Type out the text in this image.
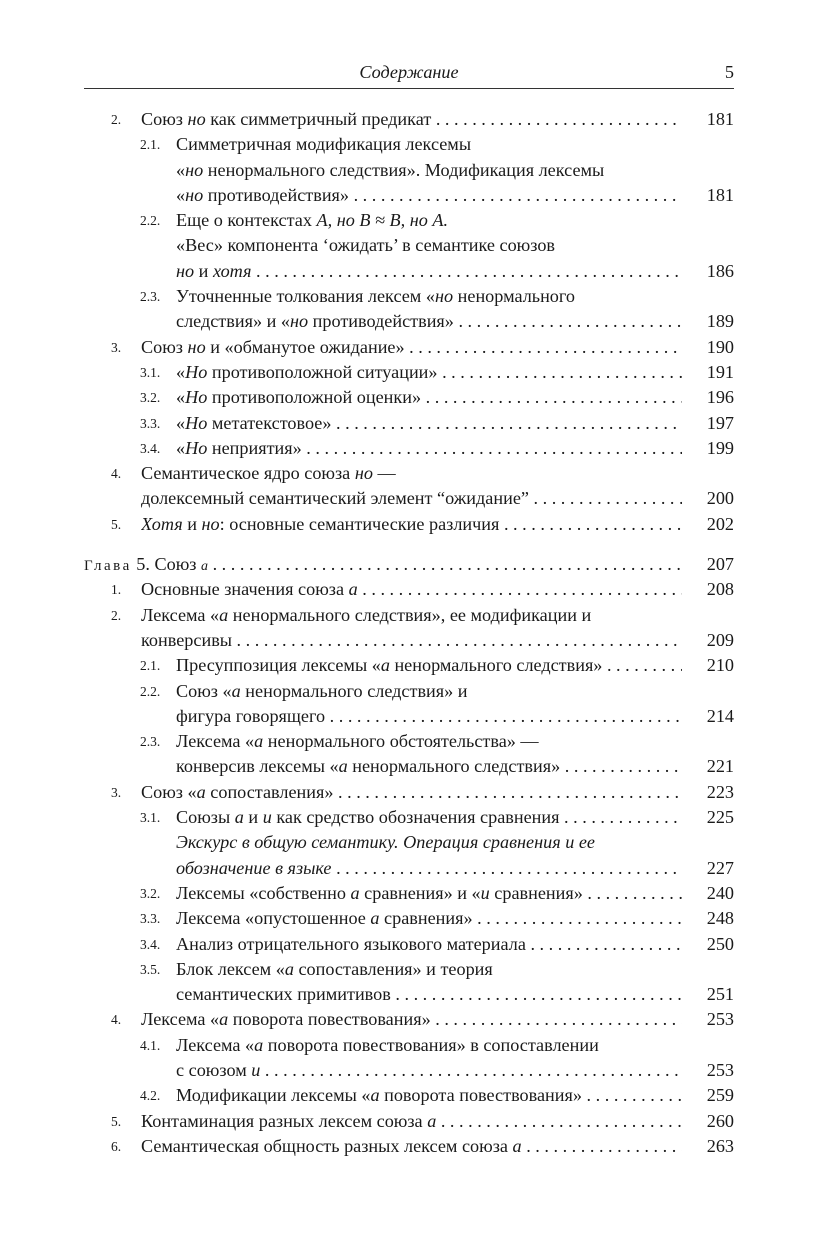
Содержание	5
2. Союз но как симметричный предикат . . .	181
2.1. Симметричная модификация лексемы
«но ненормального следствия». Модификация лексемы
«но противодействия» . . .	181
2.2. Еще о контекстах А, но В ≈ В, но А.
«Вес» компонента ‘ожидать’ в семантике союзов
но и хотя . . .	186
2.3. Уточненные толкования лексем «но ненормального
следствия» и «но противодействия» . . .	189
3. Союз но и «обманутое ожидание» . . .	190
3.1. «Но противоположной ситуации» . . .	191
3.2. «Но противоположной оценки» . . .	196
3.3. «Но метатекстовое» . . .	197
3.4. «Но неприятия» . . .	199
4. Семантическое ядро союза но —
долексемный семантический элемент “ожидание” . . .	200
5. Хотя и но: основные семантические различия . . .	202
Глава 5. Союз а . . .	207
1. Основные значения союза а . . .	208
2. Лексема «а ненормального следствия», ее модификации и
конверсивы . . .	209
2.1. Пресуппозиция лексемы «а ненормального следствия» . . .	210
2.2. Союз «а ненормального следствия» и
фигура говорящего . . .	214
2.3. Лексема «а ненормального обстоятельства» —
конверсив лексемы «а ненормального следствия» . . .	221
3. Союз «а сопоставления» . . .	223
3.1. Союзы а и и как средство обозначения сравнения . . .	225
Экскурс в общую семантику. Операция сравнения и ее
обозначение в языке . . .	227
3.2. Лексемы «собственно а сравнения» и «и сравнения» . . .	240
3.3. Лексема «опустошенное а сравнения» . . .	248
3.4. Анализ отрицательного языкового материала . . .	250
3.5. Блок лексем «а сопоставления» и теория
семантических примитивов . . .	251
4. Лексема «а поворота повествования» . . .	253
4.1. Лексема «а поворота повествования» в сопоставлении
с союзом и . . .	253
4.2. Модификации лексемы «а поворота повествования» . . .	259
5. Контаминация разных лексем союза а . . .	260
6. Семантическая общность разных лексем союза а . . .	263
